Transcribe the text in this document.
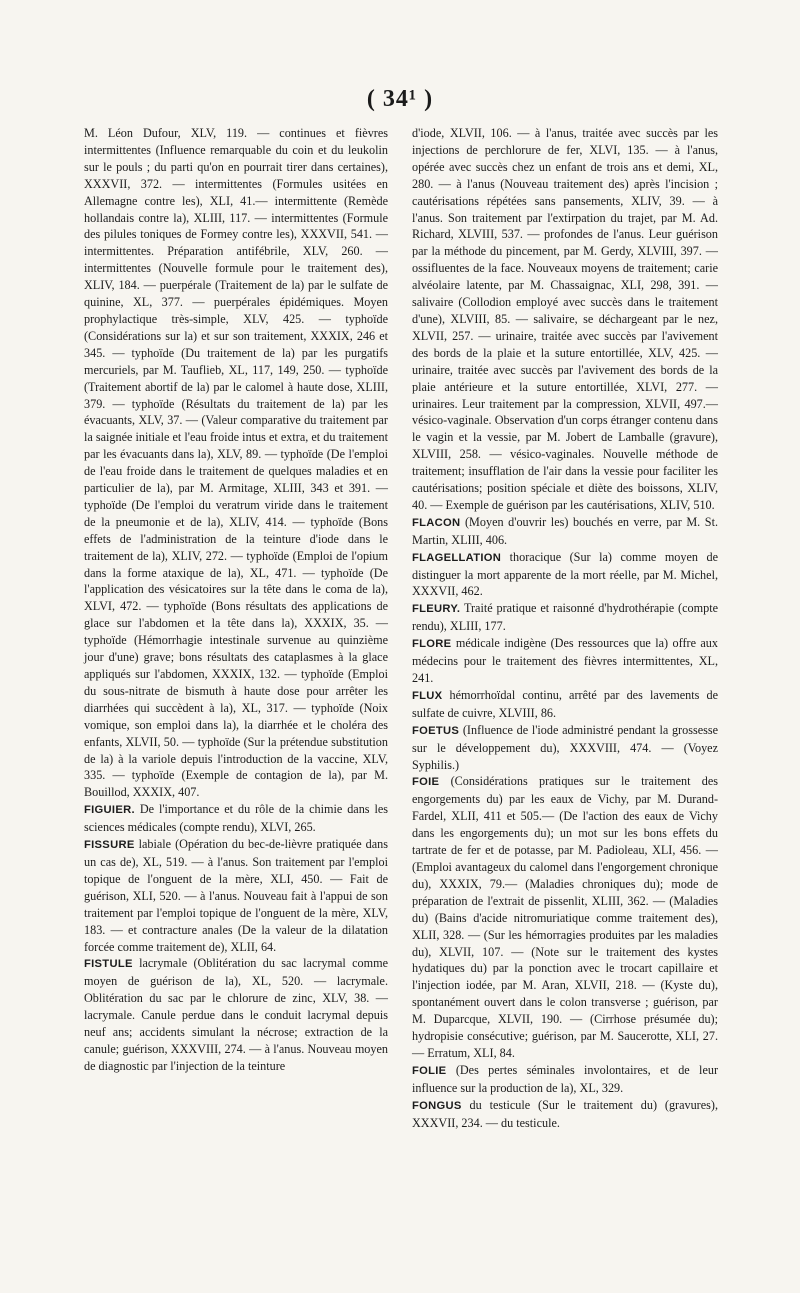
( 34¹ )

M. Léon Dufour, XLV, 119. — continues et fièvres intermittentes (Influence remarquable du coin et du leukolin sur le pouls ; du parti qu'on en pourrait tirer dans certaines), XXXVII, 372. — intermittentes (Formules usitées en Allemagne contre les), XLI, 41.— intermittente (Remède hollandais contre la), XLIII, 117. — intermittentes (Formule des pilules toniques de Formey contre les), XXXVII, 541. — intermittentes. Préparation antifébrile, XLV, 260. — intermittentes (Nouvelle formule pour le traitement des), XLIV, 184. — puerpérale (Traitement de la) par le sulfate de quinine, XL, 377. — puerpérales épidémiques. Moyen prophylactique très-simple, XLV, 425. — typhoïde (Considérations sur la) et sur son traitement, XXXIX, 246 et 345. — typhoïde (Du traitement de la) par les purgatifs mercuriels, par M. Tauflieb, XL, 117, 149, 250. — typhoïde (Traitement abortif de la) par le calomel à haute dose, XLIII, 379. — typhoïde (Résultats du traitement de la) par les évacuants, XLV, 37. — (Valeur comparative du traitement par la saignée initiale et l'eau froide intus et extra, et du traitement par les évacuants dans la), XLV, 89. — typhoïde (De l'emploi de l'eau froide dans le traitement de quelques maladies et en particulier de la), par M. Armitage, XLIII, 343 et 391. — typhoïde (De l'emploi du veratrum viride dans le traitement de la pneumonie et de la), XLIV, 414. — typhoïde (Bons effets de l'administration de la teinture d'iode dans le traitement de la), XLIV, 272. — typhoïde (Emploi de l'opium dans la forme ataxique de la), XL, 471. — typhoïde (De l'application des vésicatoires sur la tête dans le coma de la), XLVI, 472. — typhoïde (Bons résultats des applications de glace sur l'abdomen et la tête dans la), XXXIX, 35. — typhoïde (Hémorrhagie intestinale survenue au quinzième jour d'une) grave; bons résultats des cataplasmes à la glace appliqués sur l'abdomen, XXXIX, 132. — typhoïde (Emploi du sous-nitrate de bismuth à haute dose pour arrêter les diarrhées qui succèdent à la), XL, 317. — typhoïde (Noix vomique, son emploi dans la), la diarrhée et le choléra des enfants, XLVII, 50. — typhoïde (Sur la prétendue substitution de la) à la variole depuis l'introduction de la vaccine, XLV, 335. — typhoïde (Exemple de contagion de la), par M. Bouillod, XXXIX, 407.

FIGUIER. De l'importance et du rôle de la chimie dans les sciences médicales (compte rendu), XLVI, 265.

FISSURE labiale (Opération du bec-de-lièvre pratiquée dans un cas de), XL, 519. — à l'anus. Son traitement par l'emploi topique de l'onguent de la mère, XLI, 450. — Fait de guérison, XLI, 520. — à l'anus. Nouveau fait à l'appui de son traitement par l'emploi topique de l'onguent de la mère, XLV, 183. — et contracture anales (De la valeur de la dilatation forcée comme traitement de), XLII, 64.

FISTULE lacrymale (Oblitération du sac lacrymal comme moyen de guérison de la), XL, 520. — lacrymale. Oblitération du sac par le chlorure de zinc, XLV, 38. — lacrymale. Canule perdue dans le conduit lacrymal depuis neuf ans; accidents simulant la nécrose; extraction de la canule; guérison, XXXVIII, 274. — à l'anus. Nouveau moyen de diagnostic par l'injection de la teinture

d'iode, XLVII, 106. — à l'anus, traitée avec succès par les injections de perchlorure de fer, XLVI, 135. — à l'anus, opérée avec succès chez un enfant de trois ans et demi, XL, 280. — à l'anus (Nouveau traitement des) après l'incision ; cautérisations répétées sans pansements, XLIV, 39. — à l'anus. Son traitement par l'extirpation du trajet, par M. Ad. Richard, XLVIII, 537. — profondes de l'anus. Leur guérison par la méthode du pincement, par M. Gerdy, XLVIII, 397. — ossifluentes de la face. Nouveaux moyens de traitement; carie alvéolaire latente, par M. Chassaignac, XLI, 298, 391. — salivaire (Collodion employé avec succès dans le traitement d'une), XLVIII, 85. — salivaire, se déchargeant par le nez, XLVII, 257. — urinaire, traitée avec succès par l'avivement des bords de la plaie et la suture entortillée, XLV, 425. — urinaire, traitée avec succès par l'avivement des bords de la plaie antérieure et la suture entortillée, XLVI, 277. — urinaires. Leur traitement par la compression, XLVII, 497.—vésico-vaginale. Observation d'un corps étranger contenu dans le vagin et la vessie, par M. Jobert de Lamballe (gravure), XLVIII, 258. — vésico-vaginales. Nouvelle méthode de traitement; insufflation de l'air dans la vessie pour faciliter les cautérisations; position spéciale et diète des boissons, XLIV, 40. — Exemple de guérison par les cautérisations, XLIV, 510.

FLACON (Moyen d'ouvrir les) bouchés en verre, par M. St. Martin, XLIII, 406.

FLAGELLATION thoracique (Sur la) comme moyen de distinguer la mort apparente de la mort réelle, par M. Michel, XXXVII, 462.

FLEURY. Traité pratique et raisonné d'hydrothérapie (compte rendu), XLIII, 177.

FLORE médicale indigène (Des ressources que la) offre aux médecins pour le traitement des fièvres intermittentes, XL, 241.

FLUX hémorrhoïdal continu, arrêté par des lavements de sulfate de cuivre, XLVIII, 86.

FOETUS (Influence de l'iode administré pendant la grossesse sur le développement du), XXXVIII, 474. — (Voyez Syphilis.)

FOIE (Considérations pratiques sur le traitement des engorgements du) par les eaux de Vichy, par M. Durand-Fardel, XLII, 411 et 505.— (De l'action des eaux de Vichy dans les engorgements du); un mot sur les bons effets du tartrate de fer et de potasse, par M. Padioleau, XLI, 456. — (Emploi avantageux du calomel dans l'engorgement chronique du), XXXIX, 79.— (Maladies chroniques du); mode de préparation de l'extrait de pissenlit, XLIII, 362. — (Maladies du) (Bains d'acide nitromuriatique comme traitement des), XLII, 328. — (Sur les hémorragies produites par les maladies du), XLVII, 107. — (Note sur le traitement des kystes hydatiques du) par la ponction avec le trocart capillaire et l'injection iodée, par M. Aran, XLVII, 218. — (Kyste du), spontanément ouvert dans le colon transverse ; guérison, par M. Duparcque, XLVII, 190. — (Cirrhose présumée du); hydropisie consécutive; guérison, par M. Saucerotte, XLI, 27. — Erratum, XLI, 84.

FOLIE (Des pertes séminales involontaires, et de leur influence sur la production de la), XL, 329.

FONGUS du testicule (Sur le traitement du) (gravures), XXXVII, 234. — du testicule.
